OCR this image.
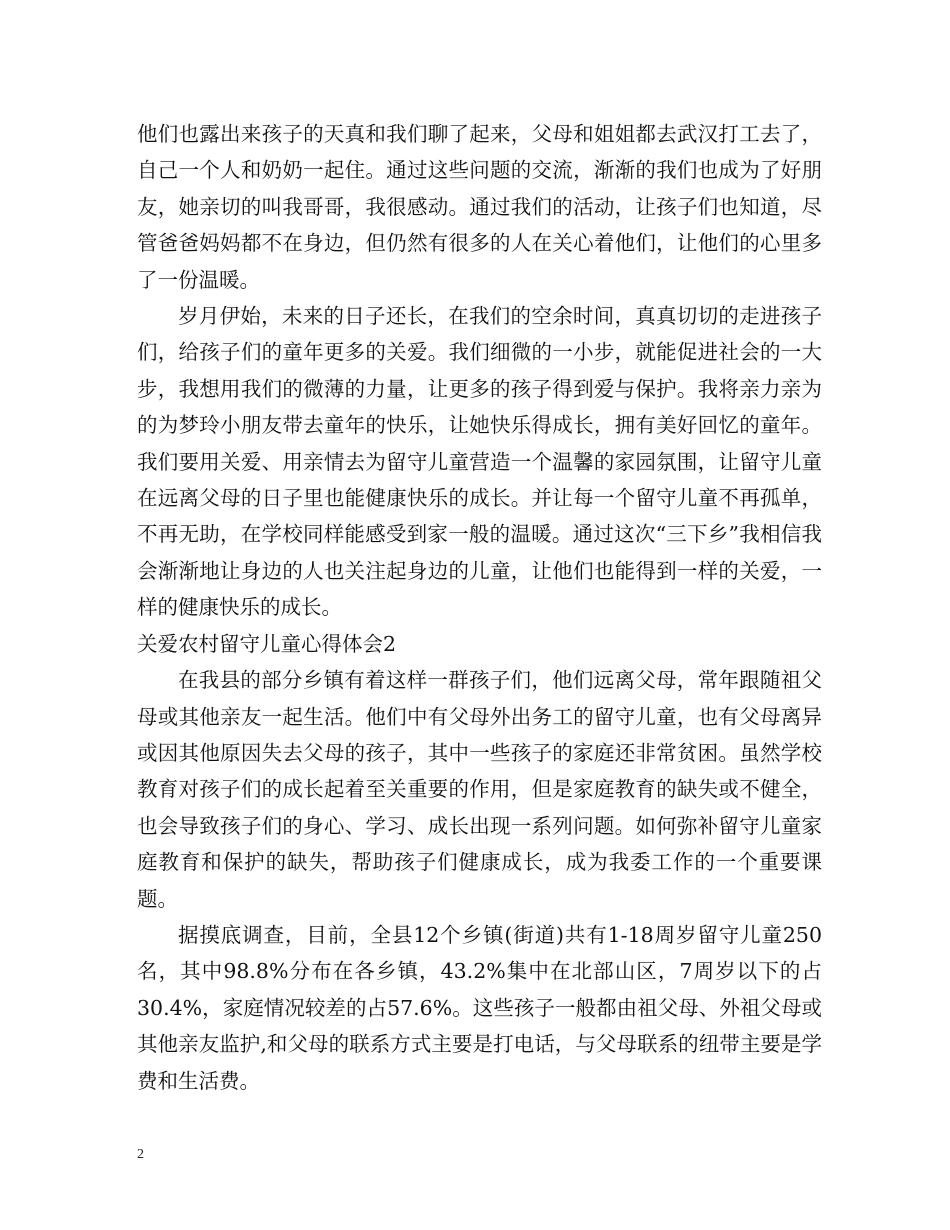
他们也露出来孩子的天真和我们聊了起来，父母和姐姐都去武汉打工去了，自己一个人和奶奶一起住。通过这些问题的交流，渐渐的我们也成为了好朋友，她亲切的叫我哥哥，我很感动。通过我们的活动，让孩子们也知道，尽管爸爸妈妈都不在身边，但仍然有很多的人在关心着他们，让他们的心里多了一份温暖。

岁月伊始，未来的日子还长，在我们的空余时间，真真切切的走进孩子们，给孩子们的童年更多的关爱。我们细微的一小步，就能促进社会的一大步，我想用我们的微薄的力量，让更多的孩子得到爱与保护。我将亲力亲为的为梦玲小朋友带去童年的快乐，让她快乐得成长，拥有美好回忆的童年。我们要用关爱、用亲情去为留守儿童营造一个温馨的家园氛围，让留守儿童在远离父母的日子里也能健康快乐的成长。并让每一个留守儿童不再孤单，不再无助，在学校同样能感受到家一般的温暖。通过这次“三下乡”我相信我会渐渐地让身边的人也关注起身边的儿童，让他们也能得到一样的关爱，一样的健康快乐的成长。

关爱农村留守儿童心得体会2

在我县的部分乡镇有着这样一群孩子们，他们远离父母，常年跟随祖父母或其他亲友一起生活。他们中有父母外出务工的留守儿童，也有父母离异或因其他原因失去父母的孩子，其中一些孩子的家庭还非常贫困。虽然学校教育对孩子们的成长起着至关重要的作用，但是家庭教育的缺失或不健全，也会导致孩子们的身心、学习、成长出现一系列问题。如何弥补留守儿童家庭教育和保护的缺失，帮助孩子们健康成长，成为我委工作的一个重要课题。

据摸底调查，目前，全县12个乡镇(街道)共有1-18周岁留守儿童250名，其中98.8%分布在各乡镇，43.2%集中在北部山区，7周岁以下的占30.4%，家庭情况较差的占57.6%。这些孩子一般都由祖父母、外祖父母或其他亲友监护,和父母的联系方式主要是打电话，与父母联系的纽带主要是学费和生活费。

2
